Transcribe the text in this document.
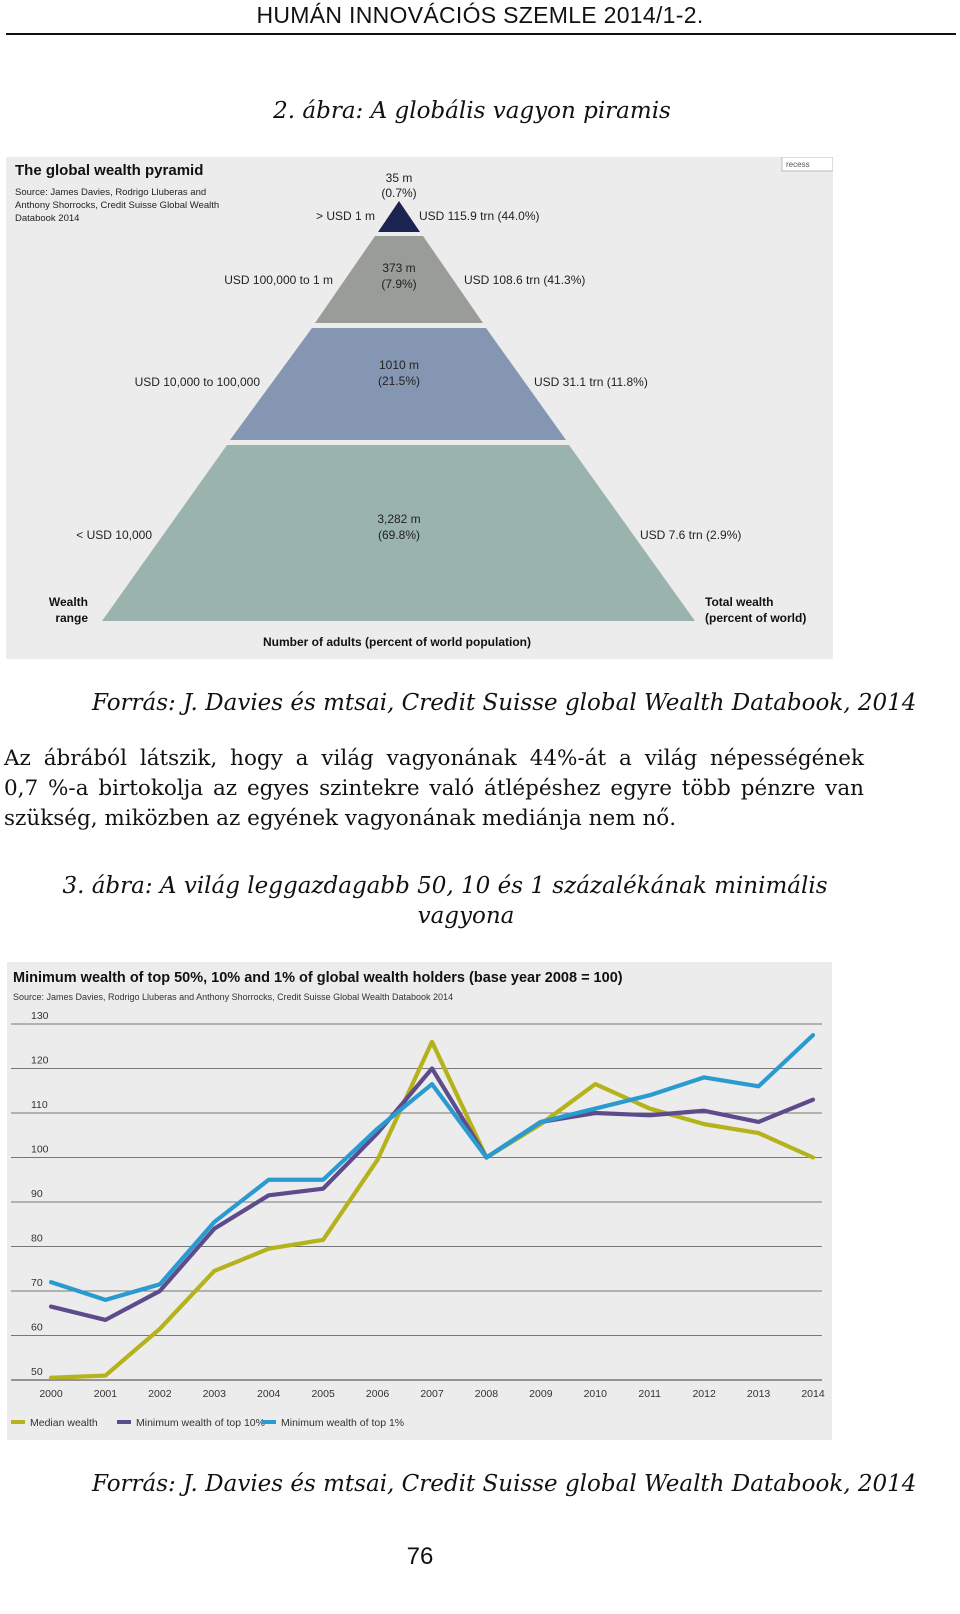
HUMÁN INNOVÁCIÓS SZEMLE 2014/1-2.
2. ábra: A globális vagyon piramis
recess
The global wealth pyramid
Source: James Davies, Rodrigo Lluberas and
Anthony Shorrocks, Credit Suisse Global Wealth
Databook 2014
35 m
(0.7%)
> USD 1 m	USD 115.9 trn (44.0%)
373 m
(7.9%)
USD 100,000 to 1 m	USD 108.6 trn (41.3%)
1010 m
(21.5%)
USD 10,000 to 100,000	USD 31.1 trn (11.8%)
3,282 m
(69.8%)
< USD 10,000	USD 7.6 trn (2.9%)
Wealth
range
Total wealth
(percent of world)
Number of adults (percent of world population)
Forrás: J. Davies és mtsai, Credit Suisse global Wealth Databook, 2014
Az ábrából látszik, hogy a világ vagyonának 44%-át a világ népességének
0,7 %-a birtokolja az egyes szintekre való átlépéshez egyre több pénzre van
szükség, miközben az egyének vagyonának mediánja nem nő.
3. ábra: A világ leggazdagabb 50, 10 és 1 százalékának minimális
vagyona
Minimum wealth of top 50%, 10% and 1% of global wealth holders (base year 2008 = 100)
Source: James Davies, Rodrigo Lluberas and Anthony Shorrocks, Credit Suisse Global Wealth Databook 2014
50
60
70
80
90
100
110
120
130
2000	2001	2002	2003	2004	2005	2006	2007	2008	2009	2010	2011	2012	2013	2014
Median wealth	Minimum wealth of top 10% Minimum wealth of top 1%
Forrás: J. Davies és mtsai, Credit Suisse global Wealth Databook, 2014
76
